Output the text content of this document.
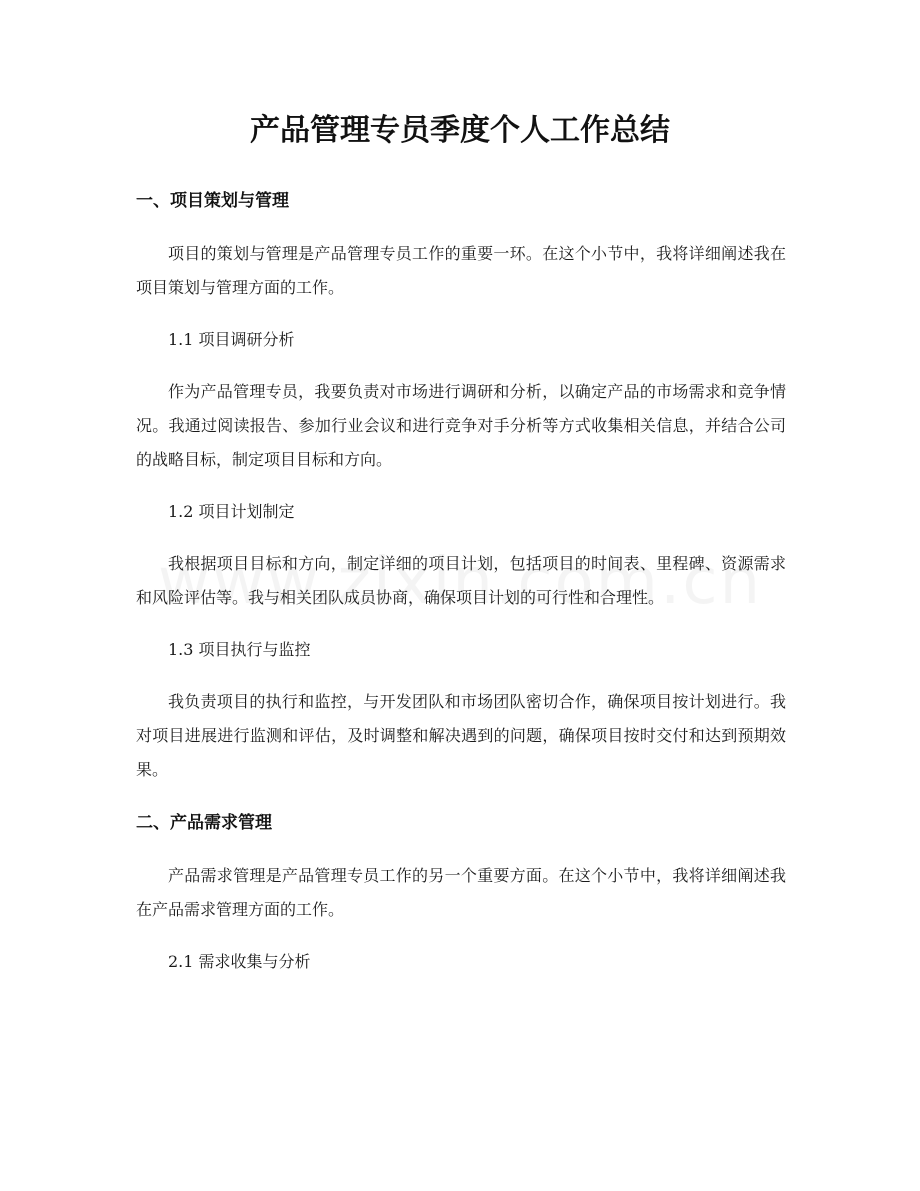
产品管理专员季度个人工作总结
一、项目策划与管理
项目的策划与管理是产品管理专员工作的重要一环。在这个小节中，我将详细阐述我在项目策划与管理方面的工作。
1.1 项目调研分析
作为产品管理专员，我要负责对市场进行调研和分析，以确定产品的市场需求和竞争情况。我通过阅读报告、参加行业会议和进行竞争对手分析等方式收集相关信息，并结合公司的战略目标，制定项目目标和方向。
1.2 项目计划制定
我根据项目目标和方向，制定详细的项目计划，包括项目的时间表、里程碑、资源需求和风险评估等。我与相关团队成员协商，确保项目计划的可行性和合理性。
1.3 项目执行与监控
我负责项目的执行和监控，与开发团队和市场团队密切合作，确保项目按计划进行。我对项目进展进行监测和评估，及时调整和解决遇到的问题，确保项目按时交付和达到预期效果。
二、产品需求管理
产品需求管理是产品管理专员工作的另一个重要方面。在这个小节中，我将详细阐述我在产品需求管理方面的工作。
2.1 需求收集与分析
